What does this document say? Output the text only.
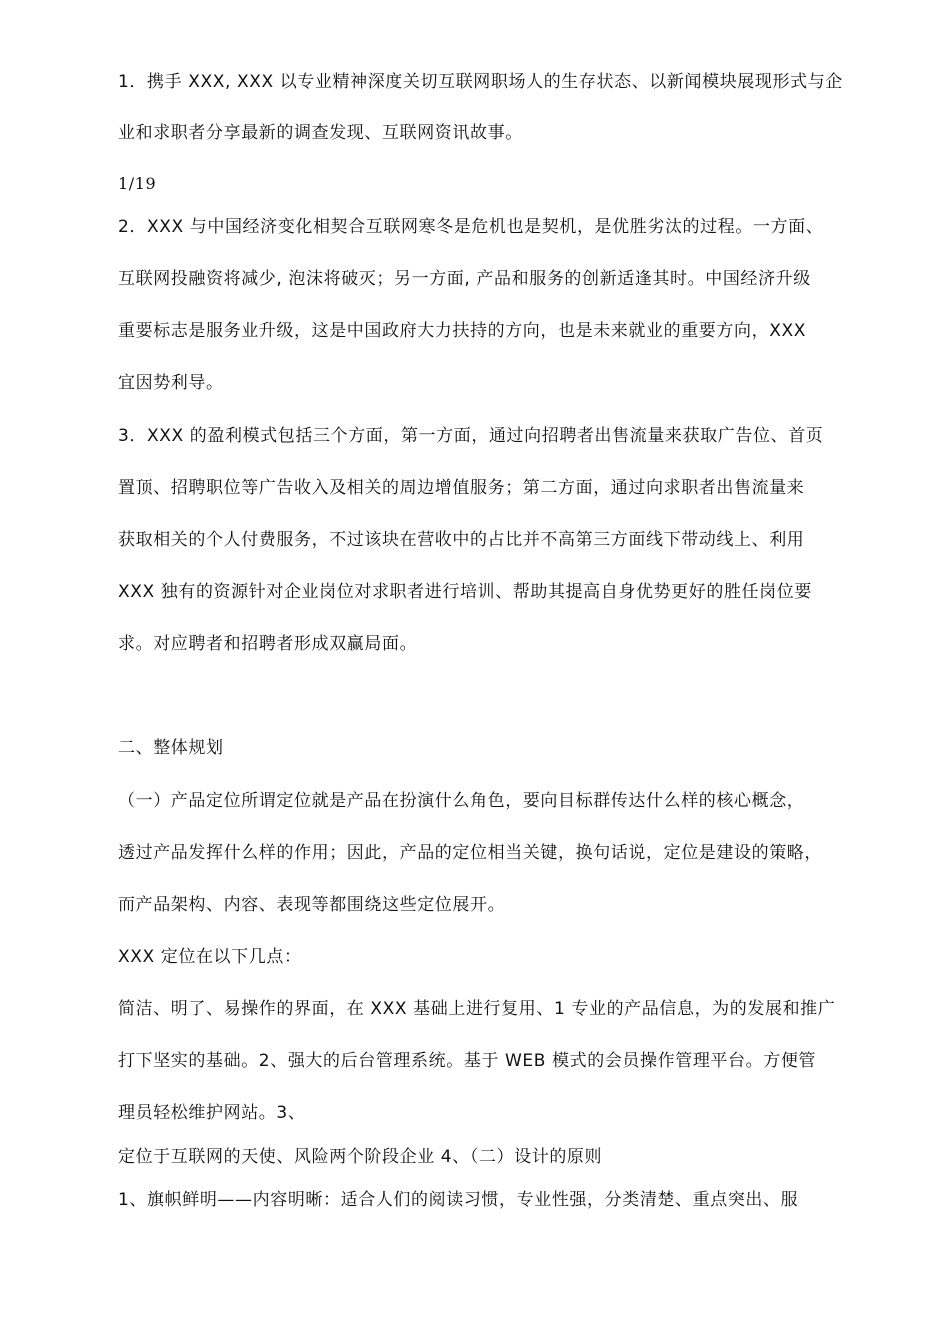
1．携手 XXX, XXX 以专业精神深度关切互联网职场人的生存状态、以新闻模块展现形式与企
业和求职者分享最新的调查发现、互联网资讯故事。
1/19
2．XXX 与中国经济变化相契合互联网寒冬是危机也是契机，是优胜劣汰的过程。一方面、
互联网投融资将减少, 泡沫将破灭；另一方面, 产品和服务的创新适逢其时。中国经济升级
重要标志是服务业升级，这是中国政府大力扶持的方向，也是未来就业的重要方向，XXX
宜因势利导。
3．XXX 的盈利模式包括三个方面，第一方面，通过向招聘者出售流量来获取广告位、首页
置顶、招聘职位等广告收入及相关的周边增值服务；第二方面，通过向求职者出售流量来
获取相关的个人付费服务，不过该块在营收中的占比并不高第三方面线下带动线上、利用
XXX 独有的资源针对企业岗位对求职者进行培训、帮助其提高自身优势更好的胜任岗位要
求。对应聘者和招聘者形成双赢局面。
二、整体规划
（一）产品定位所谓定位就是产品在扮演什么角色，要向目标群传达什么样的核心概念，
透过产品发挥什么样的作用；因此，产品的定位相当关键，换句话说，定位是建设的策略，
而产品架构、内容、表现等都围绕这些定位展开。
XXX 定位在以下几点：
简洁、明了、易操作的界面，在 XXX 基础上进行复用、1 专业的产品信息，为的发展和推广
打下坚实的基础。2、强大的后台管理系统。基于 WEB 模式的会员操作管理平台。方便管
理员轻松维护网站。3、
定位于互联网的天使、风险两个阶段企业 4、（二）设计的原则
1、旗帜鲜明——内容明晰：适合人们的阅读习惯，专业性强，分类清楚、重点突出、服
